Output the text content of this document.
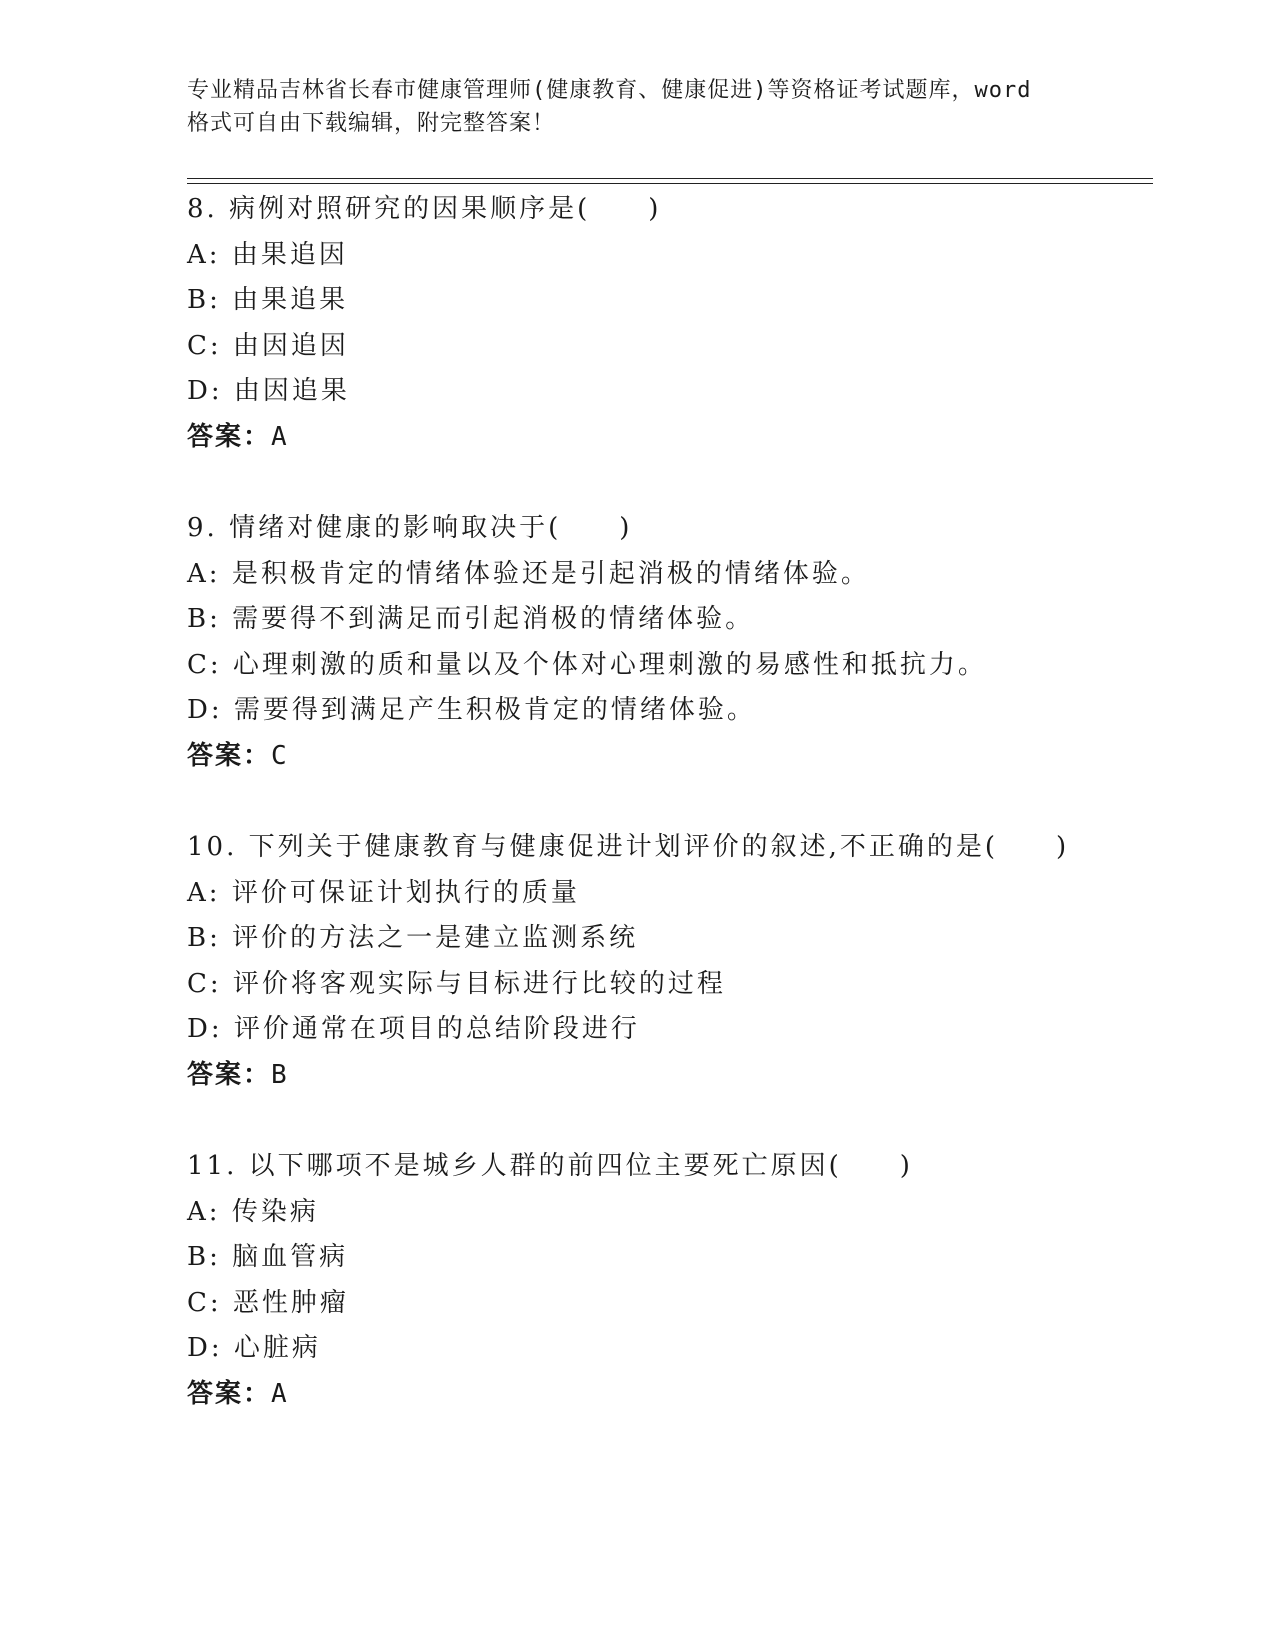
专业精品吉林省长春市健康管理师(健康教育、健康促进)等资格证考试题库，word
格式可自由下载编辑，附完整答案！
8. 病例对照研究的因果顺序是(　　)
A: 由果追因
B: 由果追果
C: 由因追因
D: 由因追果
答案：A
9. 情绪对健康的影响取决于(　　)
A: 是积极肯定的情绪体验还是引起消极的情绪体验。
B: 需要得不到满足而引起消极的情绪体验。
C: 心理刺激的质和量以及个体对心理刺激的易感性和抵抗力。
D: 需要得到满足产生积极肯定的情绪体验。
答案：C
10. 下列关于健康教育与健康促进计划评价的叙述,不正确的是(　　)
A: 评价可保证计划执行的质量
B: 评价的方法之一是建立监测系统
C: 评价将客观实际与目标进行比较的过程
D: 评价通常在项目的总结阶段进行
答案：B
11. 以下哪项不是城乡人群的前四位主要死亡原因(　　)
A: 传染病
B: 脑血管病
C: 恶性肿瘤
D: 心脏病
答案：A
